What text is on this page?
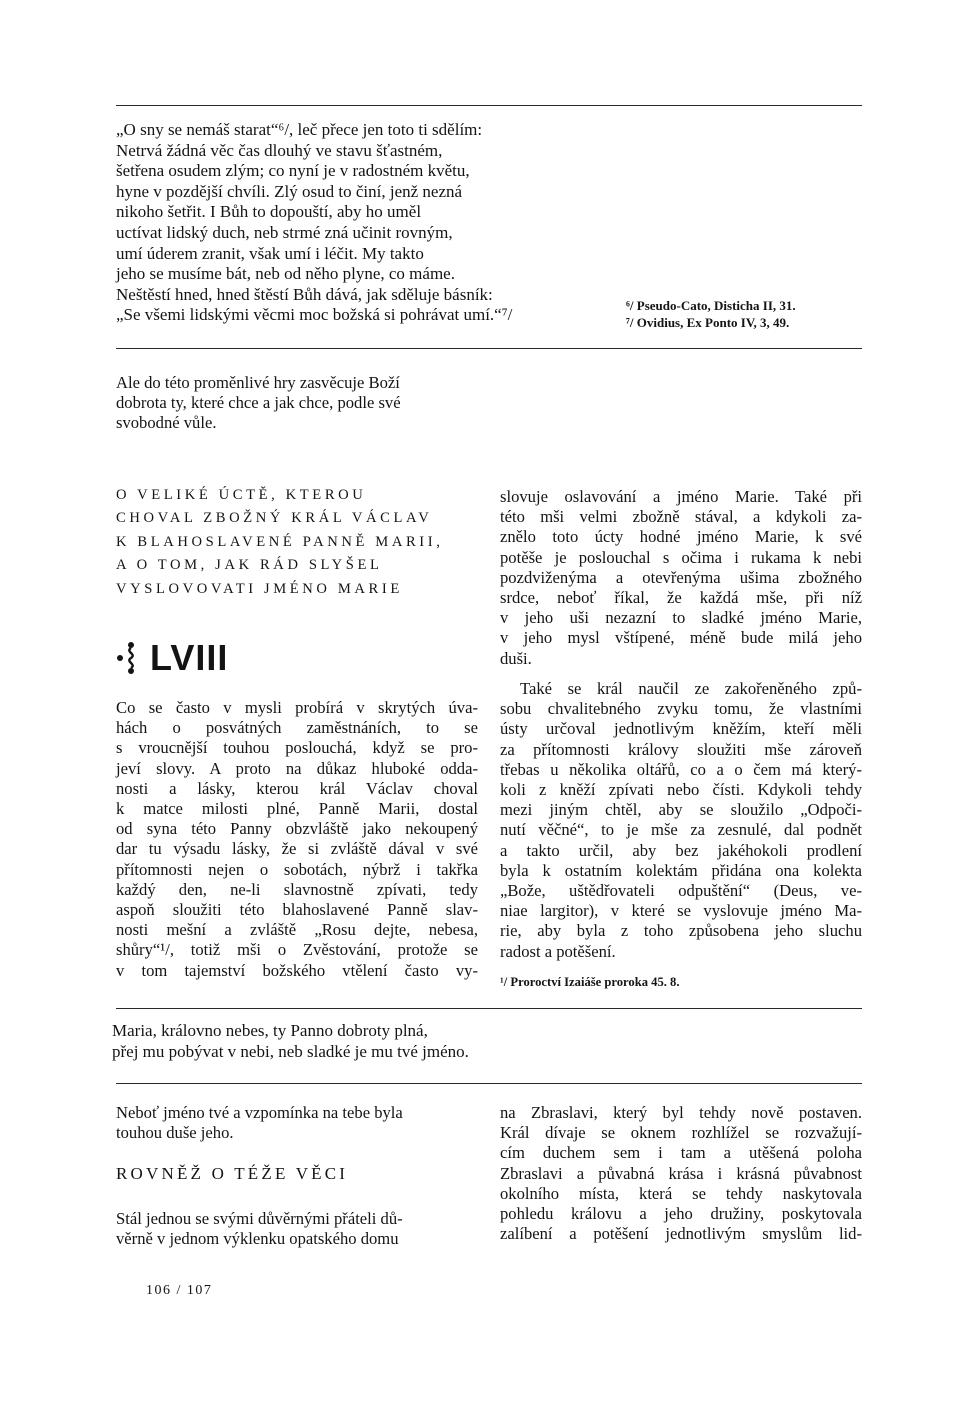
„O sny se nemáš starat“⁶/, leč přece jen toto ti sdělím:
Netrvá žádná věc čas dlouhý ve stavu šťastném,
šetřena osudem zlým; co nyní je v radostném květu,
hyne v pozdější chvíli. Zlý osud to činí, jenž nezná
nikoho šetřit. I Bůh to dopouští, aby ho uměl
uctívat lidský duch, neb strmé zná učinit rovným,
umí úderem zranit, však umí i léčit. My takto
jeho se musíme bát, neb od něho plyne, co máme.
Neštěstí hned, hned štěstí Bůh dává, jak sděluje básník:
„Se všemi lidskými věcmi moc božská si pohrávat umí.“⁷/	⁶/ Pseudo-Cato, Disticha II, 31.
⁷/ Ovidius, Ex Ponto IV, 3, 49.
Ale do této proměnlivé hry zasvěcuje Boží
dobrota ty, které chce a jak chce, podle své
svobodné vůle.
O VELIKÉ ÚCTĚ, KTEROU
CHOVAL ZBOŽNÝ KRÁL VÁCLAV
K BLAHOSLAVENÉ PANNĚ MARII,
A O TOM, JAK RÁD SLYŠEL
VYSLOVOVATI JMÉNO MARIE
LVIII
Co se často v mysli probírá v skrytých úva-
hách o posvátných zaměstnáních, to se
s vroucnější touhou poslouchá, když se pro-
jeví slovy. A proto na důkaz hluboké odda-
nosti a lásky, kterou král Václav choval
k matce milosti plné, Panně Marii, dostal
od syna této Panny obzvláště jako nekoupený
dar tu výsadu lásky, že si zvláště dával v své
přítomnosti nejen o sobotách, nýbrž i takřka
každý den, ne-li slavnostně zpívati, tedy
aspoň sloužiti této blahoslavené Panně slav-
nosti mešní a zvláště „Rosu dejte, nebesa,
shůry“¹/, totiž mši o Zvěstování, protože se
v tom tajemství božského vtělení často vy-
slovuje oslavování a jméno Marie. Také při
této mši velmi zbožně stával, a kdykoli za-
znělo toto úcty hodné jméno Marie, k své
potěše je poslouchal s očima i rukama k nebi
pozdviženýma a otevřenýma ušima zbožného
srdce, neboť říkal, že každá mše, při níž
v jeho uši nezazní to sladké jméno Marie,
v jeho mysl vštípené, méně bude milá jeho
duši.
Také se král naučil ze zakořeněného způ-
sobu chvalitebného zvyku tomu, že vlastními
ústy určoval jednotlivým kněžím, kteří měli
za přítomnosti královy sloužiti mše zároveň
třebas u několika oltářů, co a o čem má který-
koli z kněží zpívati nebo čísti. Kdykoli tehdy
mezi jiným chtěl, aby se sloužilo „Odpoči-
nutí věčné“, to je mše za zesnulé, dal podnět
a takto určil, aby bez jakéhokoli prodlení
byla k ostatním kolektám přidána ona kolekta
„Bože, uštědřovateli odpuštění“ (Deus, ve-
niae largitor), v které se vyslovuje jméno Ma-
rie, aby byla z toho způsobena jeho sluchu
radost a potěšení.
¹/ Proroctví Izaiáše proroka 45. 8.
Maria, královno nebes, ty Panno dobroty plná,
přej mu pobývat v nebi, neb sladké je mu tvé jméno.
Neboť jméno tvé a vzpomínka na tebe byla
touhou duše jeho.
ROVNĚŽ O TÉŽE VĚCI
Stál jednou se svými důvěrnými přáteli dů-
věrně v jednom výklenku opatského domu
na Zbraslavi, který byl tehdy nově postaven.
Král dívaje se oknem rozhlížel se rozvažují-
cím duchem sem i tam a utěšená poloha
Zbraslavi a půvabná krása i krásná půvabnost
okolního místa, která se tehdy naskytovala
pohledu královu a jeho družiny, poskytovala
zalíbení a potěšení jednotlivým smyslům lid-
106 / 107
